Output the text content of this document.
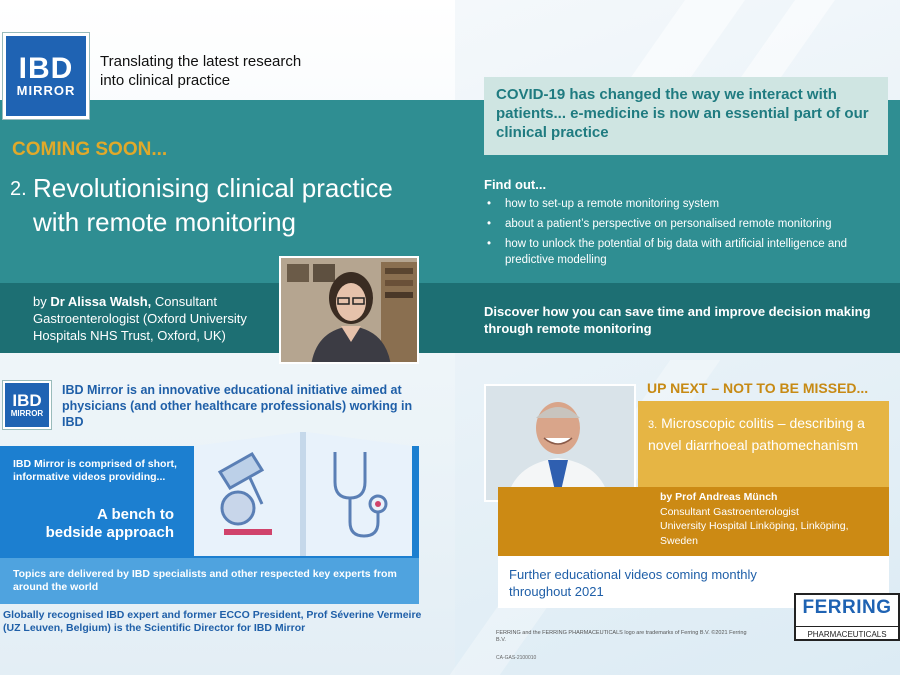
IBD
MIRROR
Translating the latest research
into clinical practice
COMING SOON...
2. Revolutionising clinical practice
with remote monitoring
by Dr Alissa Walsh, Consultant Gastroenterologist (Oxford University Hospitals NHS Trust, Oxford, UK)
COVID-19 has changed the way we interact with patients... e-medicine is now an essential part of our clinical practice
Find out...
• how to set-up a remote monitoring system
• about a patient’s perspective on personalised remote monitoring
• how to unlock the potential of big data with artificial intelligence and predictive modelling
Discover how you can save time and improve decision making through remote monitoring
IBD
MIRROR
IBD Mirror is an innovative educational initiative aimed at physicians (and other healthcare professionals) working in IBD
IBD Mirror is comprised of short, informative videos providing...
A bench to
bedside approach
Topics are delivered by IBD specialists and other respected key experts from around the world
Globally recognised IBD expert and former ECCO President, Prof Séverine Vermeire (UZ Leuven, Belgium) is the Scientific Director for IBD Mirror
UP NEXT – NOT TO BE MISSED...
3. Microscopic colitis – describing a novel diarrhoeal pathomechanism
by Prof Andreas Münch
Consultant Gastroenterologist
University Hospital Linköping, Linköping, Sweden
Further educational videos coming monthly throughout 2021
FERRING
PHARMACEUTICALS
FERRING and the FERRING PHARMACEUTICALS logo are trademarks of Ferring B.V. ©2021 Ferring B.V.
CA-GAS-2100010
